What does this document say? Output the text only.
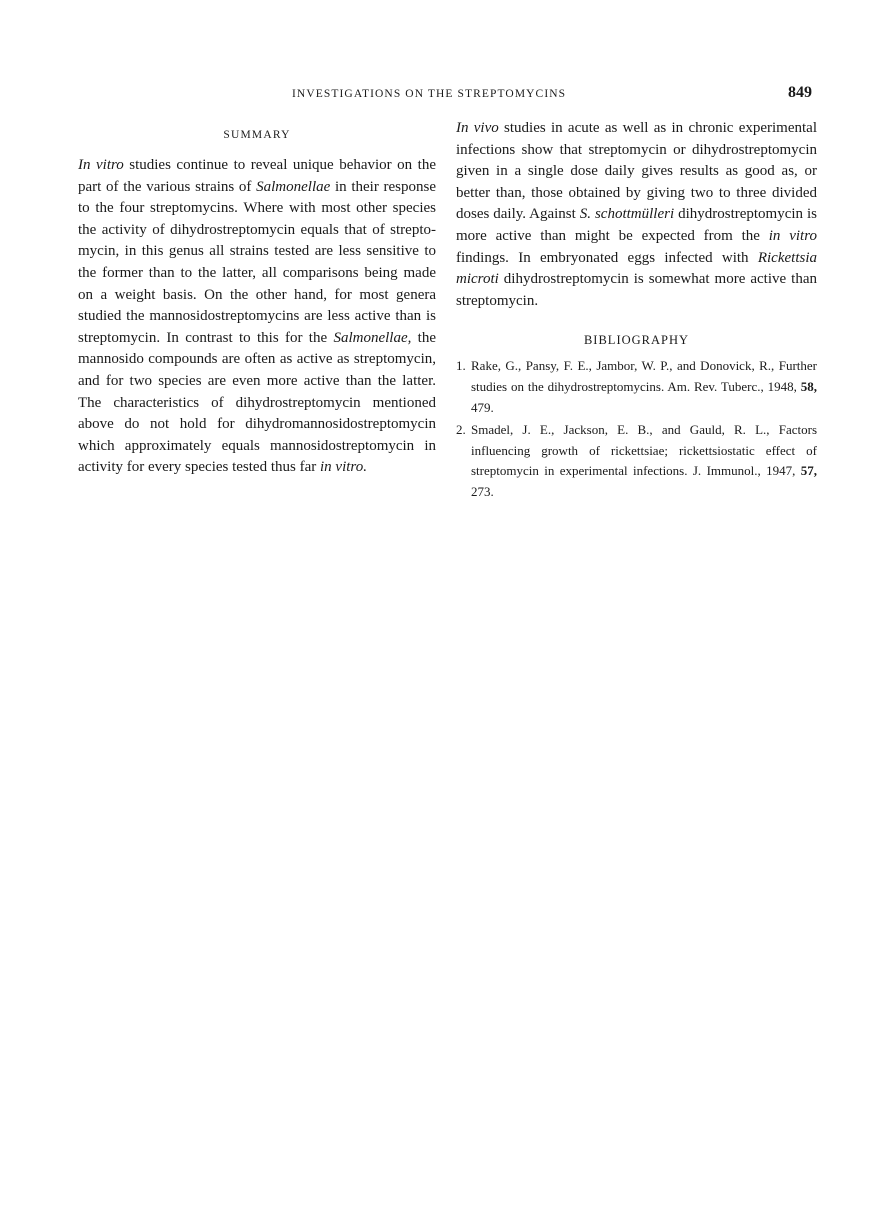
INVESTIGATIONS ON THE STREPTOMYCINS	849
SUMMARY

In vitro studies continue to reveal unique behavior on the part of the various strains of Salmonellae in their response to the four streptomycins. Where with most other species the activity of dihydrostreptomycin equals that of streptomycin, in this genus all strains tested are less sensitive to the former than to the latter, all comparisons being made on a weight basis. On the other hand, for most genera studied the mannosidostreptomycins are less active than is streptomycin. In contrast to this for the Salmonellae, the mannosido compounds are often as active as streptomycin, and for two species are even more active than the latter. The characteristics of dihydrostreptomycin mentioned above do not hold for dihydromannosidostreptomycin which approximately equals mannosidostreptomycin in activity for every species tested thus far in vitro.

In vivo studies in acute as well as in chronic experimental infections show that streptomycin or dihydrostreptomycin given in a single dose daily gives results as good as, or better than, those obtained by giving two to three divided doses daily. Against S. schottmülleri dihydrostreptomycin is more active than might be expected from the in vitro findings. In embryonated eggs infected with Rickettsia microti dihydrostreptomycin is somewhat more active than streptomycin.

BIBLIOGRAPHY
1. Rake, G., Pansy, F. E., Jambor, W. P., and Donovick, R., Further studies on the dihydrostreptomycins. Am. Rev. Tuberc., 1948, 58, 479.
2. Smadel, J. E., Jackson, E. B., and Gauld, R. L., Factors influencing growth of rickettsiae; rickettsiostatic effect of streptomycin in experimental infections. J. Immunol., 1947, 57, 273.
